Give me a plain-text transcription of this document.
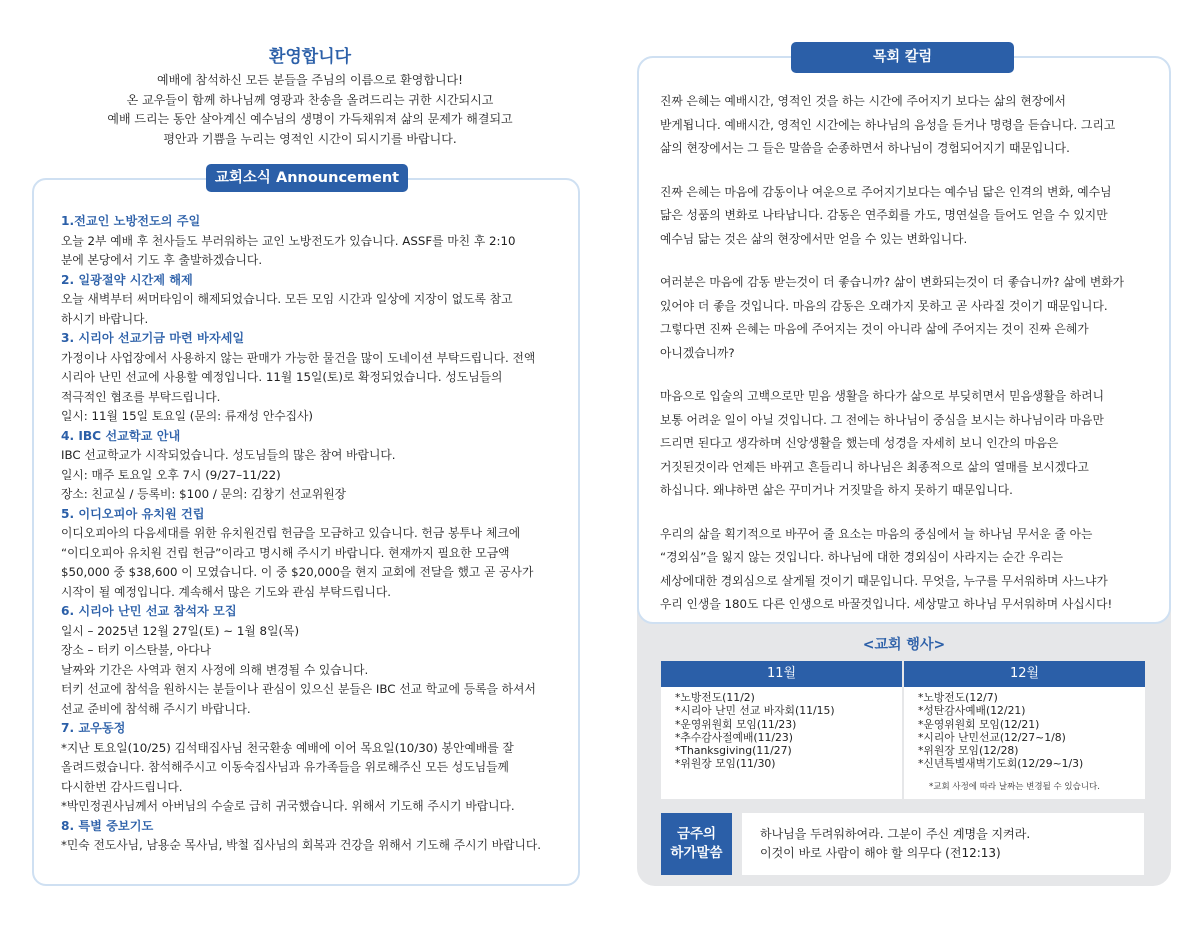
환영합니다
예배에 참석하신 모든 분들을 주님의 이름으로 환영합니다!
온 교우들이 함께 하나님께 영광과 찬송을 올려드리는 귀한 시간되시고
예배 드리는 동안 살아계신 예수님의 생명이 가득채워져 삶의 문제가 해결되고
평안과 기쁨을 누리는 영적인 시간이 되시기를 바랍니다.
교회소식 Announcement
1.전교인 노방전도의 주일
오늘 2부 예배 후 천사들도 부러워하는 교인 노방전도가 있습니다. ASSF를 마친 후 2:10
분에 본당에서 기도 후 출발하겠습니다.
2. 일광절약 시간제 해제
오늘 새벽부터 써머타임이 해제되었습니다. 모든 모임 시간과 일상에 지장이 없도록 참고
하시기 바랍니다.
3. 시리아 선교기금 마련 바자세일
가정이나 사업장에서 사용하지 않는 판매가 가능한 물건을 많이 도네이션 부탁드립니다. 전액
시리아 난민 선교에 사용할 예정입니다. 11월 15일(토)로 확정되었습니다. 성도님들의
적극적인 협조를 부탁드립니다.
일시: 11월 15일 토요일 (문의: 류재성 안수집사)
4. IBC 선교학교 안내
IBC 선교학교가 시작되었습니다. 성도님들의 많은 참여 바랍니다.
일시: 매주 토요일 오후 7시 (9/27–11/22)
장소: 친교실 / 등록비: $100 / 문의: 김창기 선교위원장
5. 이디오피아 유치원 건립
이디오피아의 다음세대를 위한 유치원건립 헌금을 모금하고 있습니다. 헌금 봉투나 체크에
“이디오피아 유치원 건립 헌금”이라고 명시해 주시기 바랍니다. 현재까지 필요한 모금액
$50,000 중 $38,600 이 모였습니다. 이 중 $20,000을 현지 교회에 전달을 했고 곧 공사가
시작이 될 예정입니다. 계속해서 많은 기도와 관심 부탁드립니다.
6. 시리아 난민 선교 참석자 모집
일시 – 2025년 12월 27일(토) ~ 1월 8일(목)
장소 – 터키 이스탄불, 아다나
날짜와 기간은 사역과 현지 사정에 의해 변경될 수 있습니다.
터키 선교에 참석을 원하시는 분들이나 관심이 있으신 분들은 IBC 선교 학교에 등록을 하셔서
선교 준비에 참석해 주시기 바랍니다.
7. 교우동정
*지난 토요일(10/25) 김석태집사님 천국환송 예배에 이어 목요일(10/30) 봉안예배를 잘
올려드렸습니다. 참석해주시고 이동숙집사님과 유가족들을 위로해주신 모든 성도님들께
다시한번 감사드립니다.
*박민정권사님께서 아버님의 수술로 급히 귀국했습니다. 위해서 기도해 주시기 바랍니다.
8. 특별 중보기도
*민숙 전도사님, 남용순 목사님, 박철 집사님의 회복과 건강을 위해서 기도해 주시기 바랍니다.
목회 칼럼

진짜 은혜는 예배시간, 영적인 것을 하는 시간에 주어지기 보다는 삶의 현장에서
받게됩니다. 예배시간, 영적인 시간에는 하나님의 음성을 듣거나 명령을 듣습니다. 그리고
삶의 현장에서는 그 들은 말씀을 순종하면서 하나님이 경험되어지기 때문입니다.

진짜 은혜는 마음에 감동이나 여운으로 주어지기보다는 예수님 닮은 인격의 변화, 예수님
닮은 성품의 변화로 나타납니다. 감동은 연주회를 가도, 명연설을 들어도 얻을 수 있지만
예수님 닮는 것은 삶의 현장에서만 얻을 수 있는 변화입니다.

여러분은 마음에 감동 받는것이 더 좋습니까? 삶이 변화되는것이 더 좋습니까? 삶에 변화가
있어야 더 좋을 것입니다. 마음의 감동은 오래가지 못하고 곧 사라질 것이기 때문입니다.
그렇다면 진짜 은혜는 마음에 주어지는 것이 아니라 삶에 주어지는 것이 진짜 은혜가
아니겠습니까?

마음으로 입술의 고백으로만 믿음 생활을 하다가 삶으로 부딪히면서 믿음생활을 하려니
보통 어려운 일이 아닐 것입니다. 그 전에는 하나님이 중심을 보시는 하나님이라 마음만
드리면 된다고 생각하며 신앙생활을 했는데 성경을 자세히 보니 인간의 마음은
거짓된것이라 언제든 바뀌고 흔들리니 하나님은 최종적으로 삶의 열매를 보시겠다고
하십니다. 왜냐하면 삶은 꾸미거나 거짓말을 하지 못하기 때문입니다.

우리의 삶을 획기적으로 바꾸어 줄 요소는 마음의 중심에서 늘 하나님 무서운 줄 아는
“경외심”을 잃지 않는 것입니다. 하나님에 대한 경외심이 사라지는 순간 우리는
세상에대한 경외심으로 살게될 것이기 때문입니다. 무엇을, 누구를 무서워하며 사느냐가
우리 인생을 180도 다른 인생으로 바꿀것입니다. 세상말고 하나님 무서워하며 사십시다!

<교회 행사>
11월
*노방전도(11/2)
*시리아 난민 선교 바자회(11/15)
*운영위원회 모임(11/23)
*추수감사절예배(11/23)
*Thanksgiving(11/27)
*위원장 모임(11/30)
12월
*노방전도(12/7)
*성탄감사예배(12/21)
*운영위원회 모임(12/21)
*시리아 난민선교(12/27~1/8)
*위원장 모임(12/28)
*신년특별새벽기도회(12/29~1/3)
*교회 사정에 따라 날짜는 변경될 수 있습니다.
금주의
하가말씀
하나님을 두려워하여라. 그분이 주신 계명을 지켜라.
이것이 바로 사람이 해야 할 의무다 (전12:13)
